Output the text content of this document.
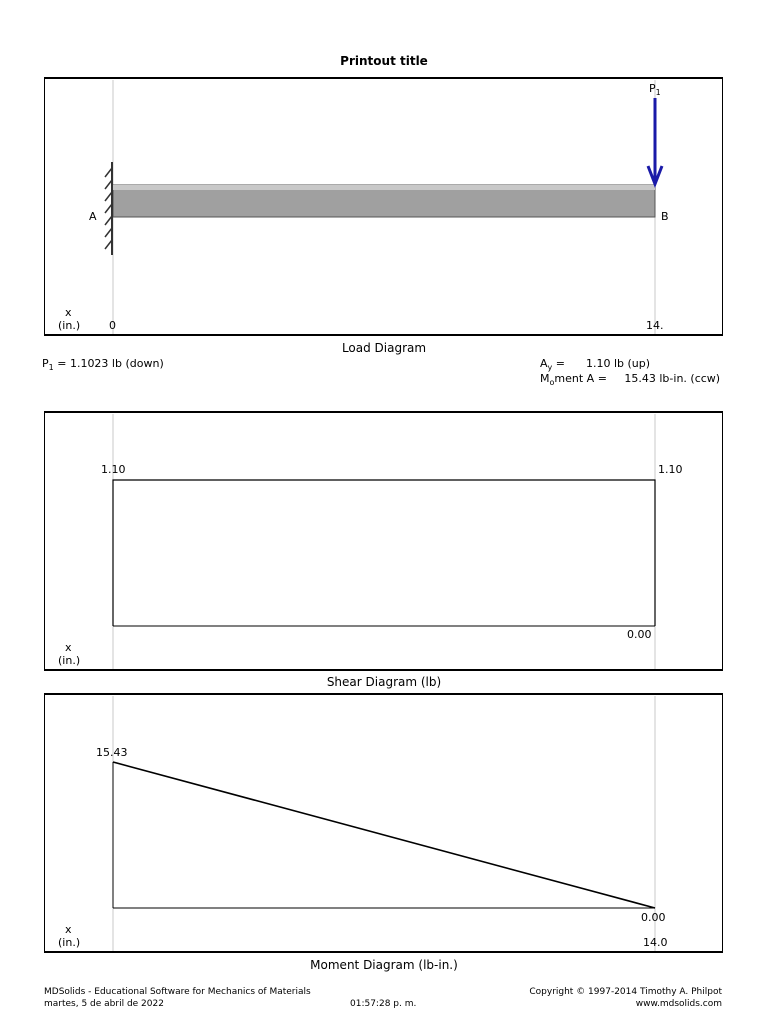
Printout title
A	B
$P_1$
x
(in.)	0	14.
Load Diagram
$P_1 = 1.1023$ lb (down)	$A_y$ =      1.10 lb (up)
$M_oment$ A =     15.43 lb-in. (ccw)
1.10	1.10
0.00
x
(in.)
Shear Diagram (lb)
15.43
0.00
14.0
x
(in.)
Moment Diagram (lb-in.)
MDSolids - Educational Software for Mechanics of Materials
martes, 5 de abril de 2022	01:57:28 p. m.
Copyright © 1997-2014 Timothy A. Philpot
www.mdsolids.com
